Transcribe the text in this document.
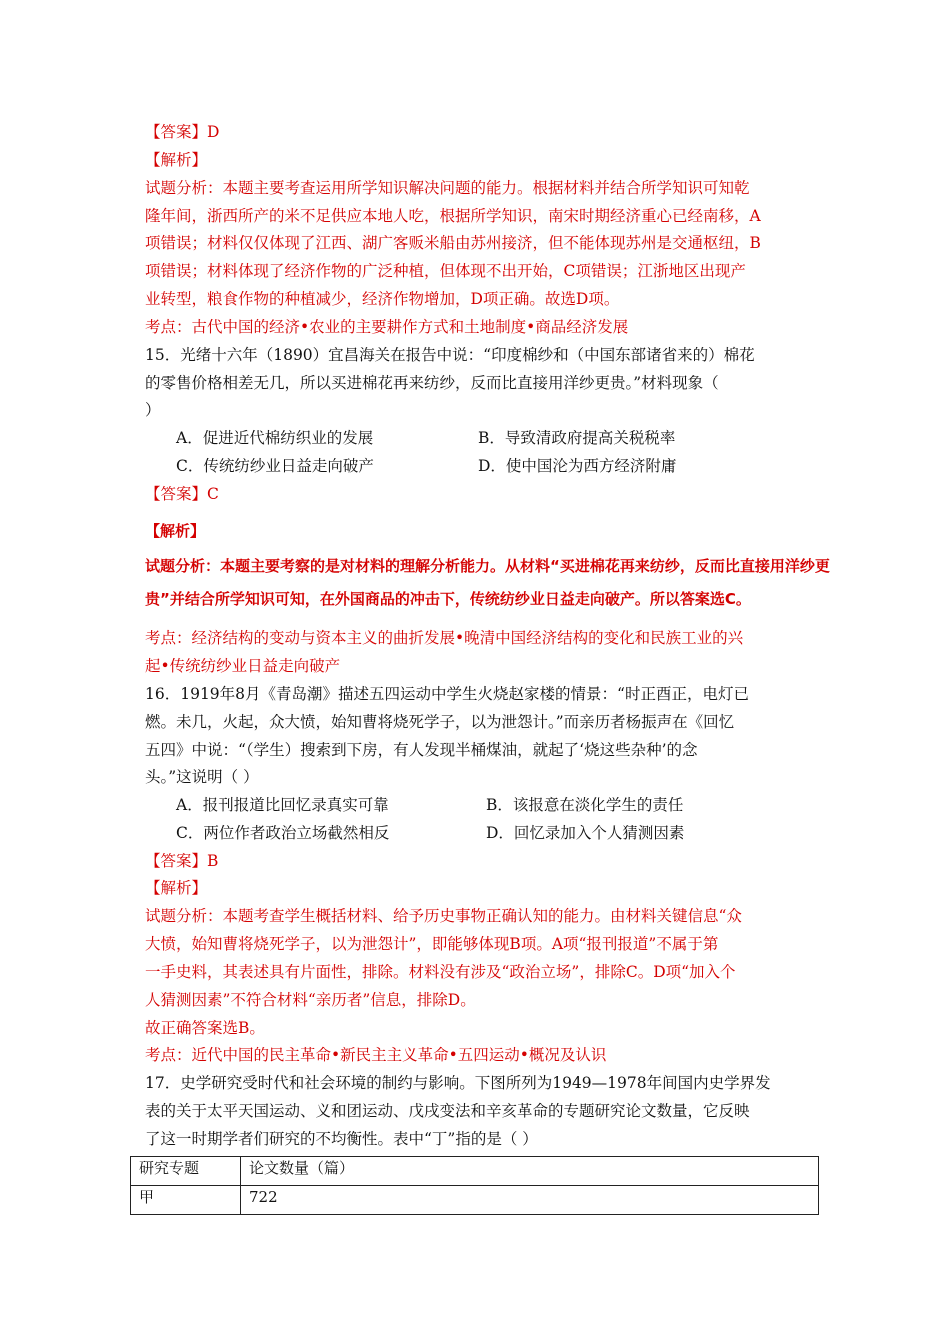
【答案】D
【解析】
试题分析：本题主要考查运用所学知识解决问题的能力。根据材料并结合所学知识可知乾
隆年间，浙西所产的米不足供应本地人吃，根据所学知识，南宋时期经济重心已经南移，A
项错误；材料仅仅体现了江西、湖广客贩米船由苏州接济，但不能体现苏州是交通枢纽，B
项错误；材料体现了经济作物的广泛种植，但体现不出开始，C项错误；江浙地区出现产
业转型，粮食作物的种植减少，经济作物增加，D项正确。故选D项。
考点：古代中国的经济•农业的主要耕作方式和土地制度•商品经济发展
15．光绪十六年（1890）宜昌海关在报告中说：“印度棉纱和（中国东部诸省来的）棉花
的零售价格相差无几，所以买进棉花再来纺纱，反而比直接用洋纱更贵。”材料现象（
）
A．促进近代棉纺织业的发展	B．导致清政府提高关税税率
C．传统纺纱业日益走向破产	D．使中国沦为西方经济附庸
【答案】C
【解析】
试题分析：本题主要考察的是对材料的理解分析能力。从材料“买进棉花再来纺纱，反而比直接用洋纱更
贵”并结合所学知识可知，在外国商品的冲击下，传统纺纱业日益走向破产。所以答案选C。
考点：经济结构的变动与资本主义的曲折发展•晚清中国经济结构的变化和民族工业的兴
起•传统纺纱业日益走向破产
16．1919年8月《青岛潮》描述五四运动中学生火烧赵家楼的情景：“时正酉正，电灯已
燃。未几，火起，众大愤，始知曹将烧死学子，以为泄怨计。”而亲历者杨振声在《回忆
五四》中说：“（学生）搜索到下房，有人发现半桶煤油，就起了‘烧这些杂种’的念
头。”这说明（ ）
A．报刊报道比回忆录真实可靠	B．该报意在淡化学生的责任
C．两位作者政治立场截然相反	D．回忆录加入个人猜测因素
【答案】B
【解析】
试题分析：本题考查学生概括材料、给予历史事物正确认知的能力。由材料关键信息“众
大愤，始知曹将烧死学子，以为泄怨计”，即能够体现B项。A项“报刊报道”不属于第
一手史料，其表述具有片面性，排除。材料没有涉及“政治立场”，排除C。D项“加入个
人猜测因素”不符合材料“亲历者”信息，排除D。
故正确答案选B。
考点：近代中国的民主革命•新民主主义革命•五四运动•概况及认识
17．史学研究受时代和社会环境的制约与影响。下图所列为1949—1978年间国内史学界发
表的关于太平天国运动、义和团运动、戊戌变法和辛亥革命的专题研究论文数量，它反映
了这一时期学者们研究的不均衡性。表中“丁”指的是（ ）
研究专题	论文数量（篇）
甲	722
